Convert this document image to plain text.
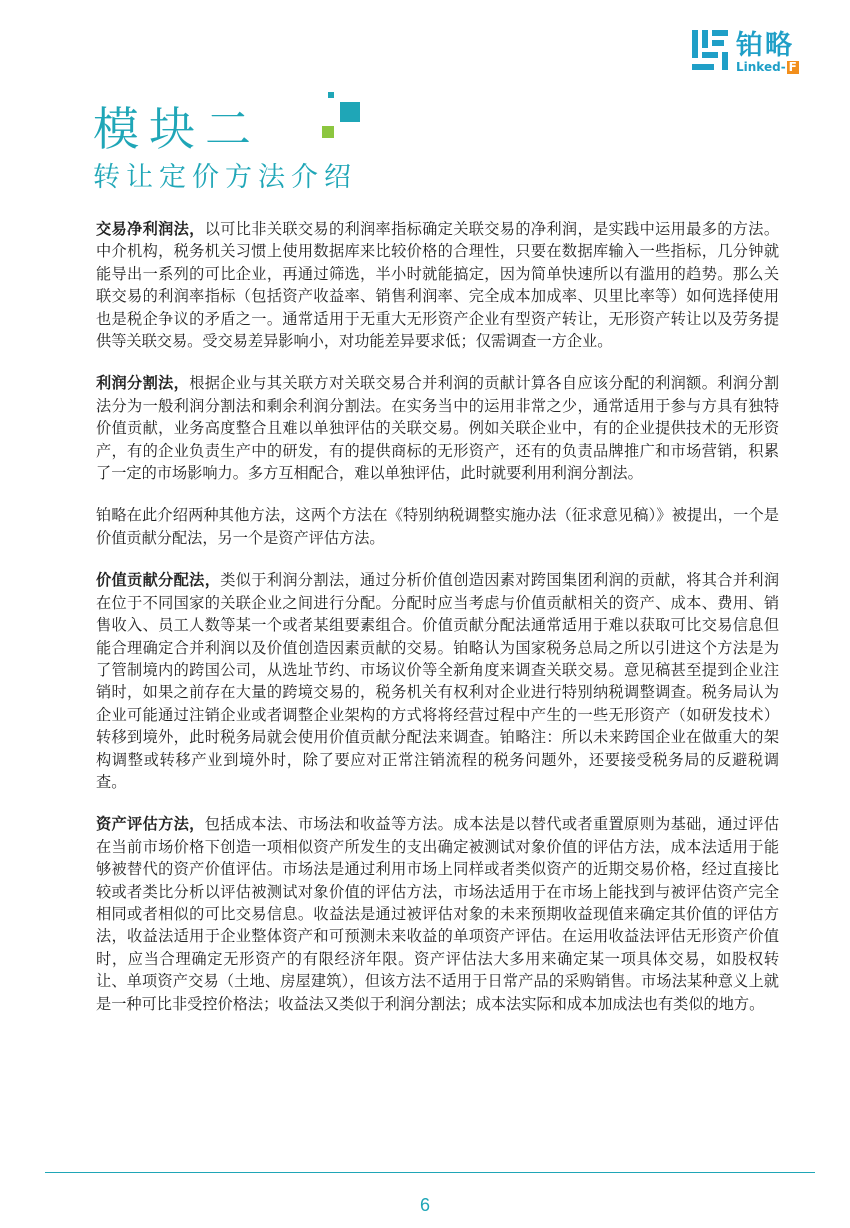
铂略
Linked- F
模块二
转让定价方法介绍

交易净利润法，以可比非关联交易的利润率指标确定关联交易的净利润，是实践中运用最多的方法。中介机构，税务机关习惯上使用数据库来比较价格的合理性，只要在数据库输入一些指标，几分钟就能导出一系列的可比企业，再通过筛选，半小时就能搞定，因为简单快速所以有滥用的趋势。那么关联交易的利润率指标（包括资产收益率、销售利润率、完全成本加成率、贝里比率等）如何选择使用也是税企争议的矛盾之一。通常适用于无重大无形资产企业有型资产转让，无形资产转让以及劳务提供等关联交易。受交易差异影响小，对功能差异要求低；仅需调查一方企业。

利润分割法，根据企业与其关联方对关联交易合并利润的贡献计算各自应该分配的利润额。利润分割法分为一般利润分割法和剩余利润分割法。在实务当中的运用非常之少，通常适用于参与方具有独特价值贡献，业务高度整合且难以单独评估的关联交易。例如关联企业中，有的企业提供技术的无形资产，有的企业负责生产中的研发，有的提供商标的无形资产，还有的负责品牌推广和市场营销，积累了一定的市场影响力。多方互相配合，难以单独评估，此时就要利用利润分割法。

铂略在此介绍两种其他方法，这两个方法在《特别纳税调整实施办法（征求意见稿）》被提出，一个是价值贡献分配法，另一个是资产评估方法。

价值贡献分配法，类似于利润分割法，通过分析价值创造因素对跨国集团利润的贡献，将其合并利润在位于不同国家的关联企业之间进行分配。分配时应当考虑与价值贡献相关的资产、成本、费用、销售收入、员工人数等某一个或者某组要素组合。价值贡献分配法通常适用于难以获取可比交易信息但能合理确定合并利润以及价值创造因素贡献的交易。铂略认为国家税务总局之所以引进这个方法是为了管制境内的跨国公司，从选址节约、市场议价等全新角度来调查关联交易。意见稿甚至提到企业注销时，如果之前存在大量的跨境交易的，税务机关有权利对企业进行特别纳税调整调查。税务局认为企业可能通过注销企业或者调整企业架构的方式将将经营过程中产生的一些无形资产（如研发技术）转移到境外，此时税务局就会使用价值贡献分配法来调查。铂略注：所以未来跨国企业在做重大的架构调整或转移产业到境外时，除了要应对正常注销流程的税务问题外，还要接受税务局的反避税调查。

资产评估方法，包括成本法、市场法和收益等方法。成本法是以替代或者重置原则为基础，通过评估在当前市场价格下创造一项相似资产所发生的支出确定被测试对象价值的评估方法，成本法适用于能够被替代的资产价值评估。市场法是通过利用市场上同样或者类似资产的近期交易价格，经过直接比较或者类比分析以评估被测试对象价值的评估方法，市场法适用于在市场上能找到与被评估资产完全相同或者相似的可比交易信息。收益法是通过被评估对象的未来预期收益现值来确定其价值的评估方法，收益法适用于企业整体资产和可预测未来收益的单项资产评估。在运用收益法评估无形资产价值时，应当合理确定无形资产的有限经济年限。资产评估法大多用来确定某一项具体交易，如股权转让、单项资产交易（土地、房屋建筑），但该方法不适用于日常产品的采购销售。市场法某种意义上就是一种可比非受控价格法；收益法又类似于利润分割法；成本法实际和成本加成法也有类似的地方。

6
